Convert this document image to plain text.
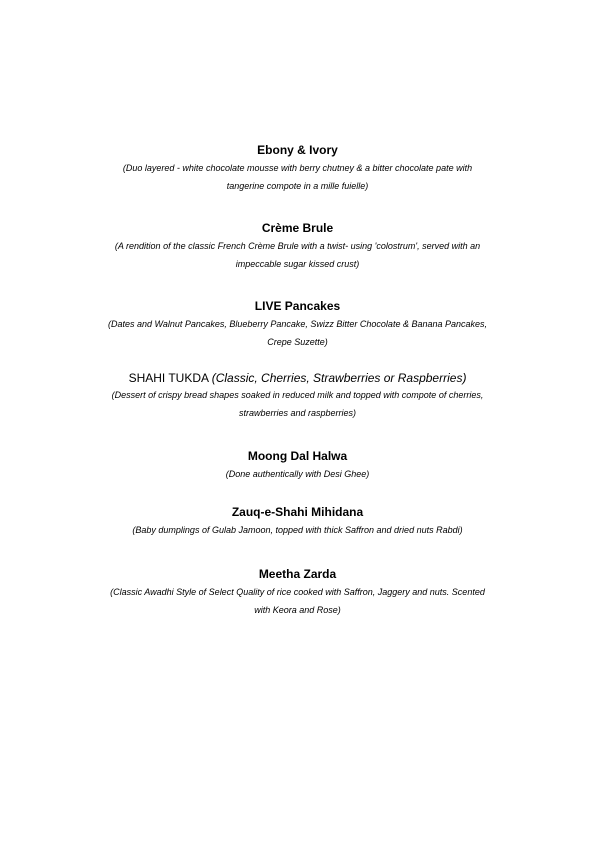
Ebony & Ivory

(Duo layered - white chocolate mousse with berry chutney & a bitter chocolate pate with
tangerine compote in a mille fuielle)

Crème Brule

(A rendition of the classic French Crème Brule with a twist- using 'colostrum', served with an
impeccable sugar kissed crust)

LIVE Pancakes

(Dates and Walnut Pancakes, Blueberry Pancake, Swizz Bitter Chocolate & Banana Pancakes,
Crepe Suzette)

SHAHI TUKDA (Classic, Cherries, Strawberries or Raspberries)

(Dessert of crispy bread shapes soaked in reduced milk and topped with compote of cherries,
strawberries and raspberries)

Moong Dal Halwa

(Done authentically with Desi Ghee)

Zauq-e-Shahi Mihidana

(Baby dumplings of Gulab Jamoon, topped with thick Saffron and dried nuts Rabdi)

Meetha Zarda

(Classic Awadhi Style of Select Quality of rice cooked with Saffron, Jaggery and nuts. Scented
with Keora and Rose)
